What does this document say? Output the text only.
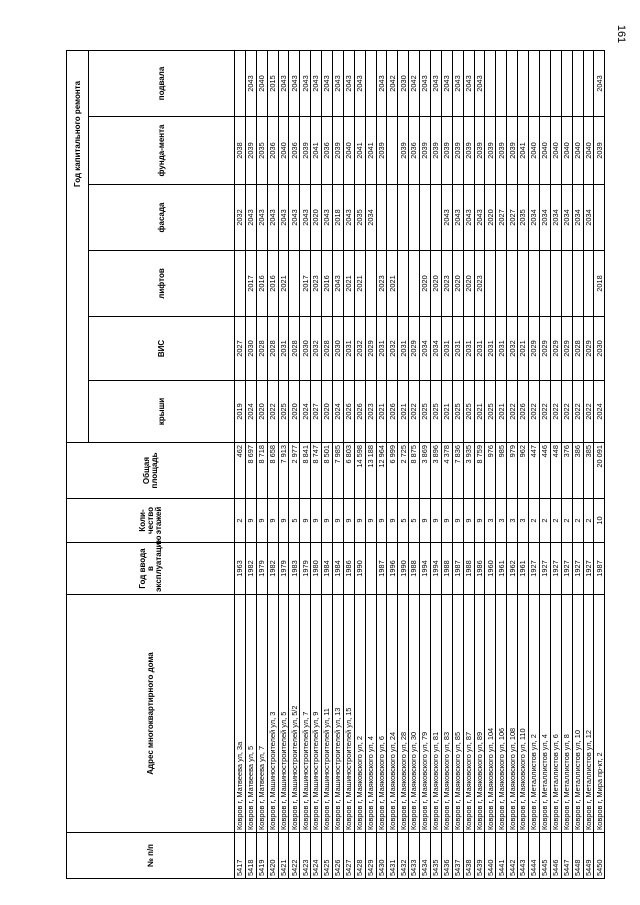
161
№ п/п	Адрес многоквартирного дома	Год ввода в эксплуатацию	Коли-чество этажей	Общая площадь	Год капитального ремонта					
					крыши	ВИС	лифтов	фасада	фунда-мента	подвала
5417	Ковров г, Матвеева ул, 3а	1963	2	462	2019	2027		2032	2038	
5418	Ковров г, Матвеева ул, 5	1982	9	8 697	2024	2030	2017	2043	2039	2043
5419	Ковров г, Матвеева ул, 7	1979	9	8 718	2020	2028	2016	2043	2035	2040
5420	Ковров г, Машиностроителей ул, 3	1982	9	8 658	2022	2028	2016	2043	2036	2015
5421	Ковров г, Машиностроителей ул, 5	1979	9	7 913	2025	2031	2021	2043	2040	2043
5422	Ковров г, Машиностроителей ул, 5/2	1983	5	2 977	2020	2028		2043	2036	2043
5423	Ковров г, Машиностроителей ул, 7	1979	9	8 841	2024	2030	2017	2043	2039	2043
5424	Ковров г, Машиностроителей ул, 9	1980	9	8 747	2027	2032	2023	2020	2041	2043
5425	Ковров г, Машиностроителей ул, 11	1984	9	8 501	2020	2028	2016	2043	2036	2043
5426	Ковров г, Машиностроителей ул, 13	1984	9	7 985	2024	2030	2043	2018	2039	2043
5427	Ковров г, Машиностроителей ул, 15	1986	9	6 803	2026	2031	2021	2043	2040	2043
5428	Ковров г, Маяковского ул, 2	1990	9	14 598	2026	2032	2021	2035	2041	2043
5429	Ковров г, Маяковского ул, 4		9	13 188	2023	2029		2034	2041	
5430	Ковров г, Маяковского ул, 6	1987	9	12 964	2021	2031	2023		2039	2043
5431	Ковров г, Маяковского ул, 24	1996	9	6 999	2026	2032	2021			2042
5432	Ковров г, Маяковского ул, 28	1990	5	2 725	2021	2031			2039	2030
5433	Ковров г, Маяковского ул, 30	1988	5	8 875	2022	2029			2036	2042
5434	Ковров г, Маяковского ул, 79	1994	9	3 869	2025	2034	2020		2039	2043
5435	Ковров г, Маяковского ул, 81	1994	9	3 896	2025	2034	2020		2039	2043
5436	Ковров г, Маяковского ул, 83	1988	9	4 378	2021	2031	2023	2043	2039	2043
5437	Ковров г, Маяковского ул, 85	1987	9	7 836	2025	2031	2020	2043	2039	2043
5438	Ковров г, Маяковского ул, 87	1988	9	3 935	2025	2031	2020	2043	2039	2043
5439	Ковров г, Маяковского ул, 89	1986	9	8 759	2021	2031	2023	2043	2039	2043
5440	Ковров г, Маяковского ул, 104	1960	3	976	2025	2031		2020	2039	
5441	Ковров г, Маяковского ул, 106	1961	3	985	2021	2031		2027	2039	
5442	Ковров г, Маяковского ул, 108	1962	3	979	2022	2032		2027	2039	
5443	Ковров г, Маяковского ул, 110	1961	3	962	2026	2021		2035	2041	
5444	Ковров г, Металлистов ул, 2	1927	2	447	2022	2029		2034	2040	
5445	Ковров г, Металлистов ул, 4	1927	2	446	2022	2029		2034	2040	
5446	Ковров г, Металлистов ул, 6	1927	2	448	2022	2029		2034	2040	
5447	Ковров г, Металлистов ул, 8	1927	2	376	2022	2029		2034	2040	
5448	Ковров г, Металлистов ул, 10	1927	2	386	2022	2028		2034	2040	
5449	Ковров г, Металлистов ул, 12	1927	2	385	2022	2029		2034	2040	
5450	Ковров г, Мира пр-кт, 2	1987	10	20 091	2024	2030	2018		2039	2043
